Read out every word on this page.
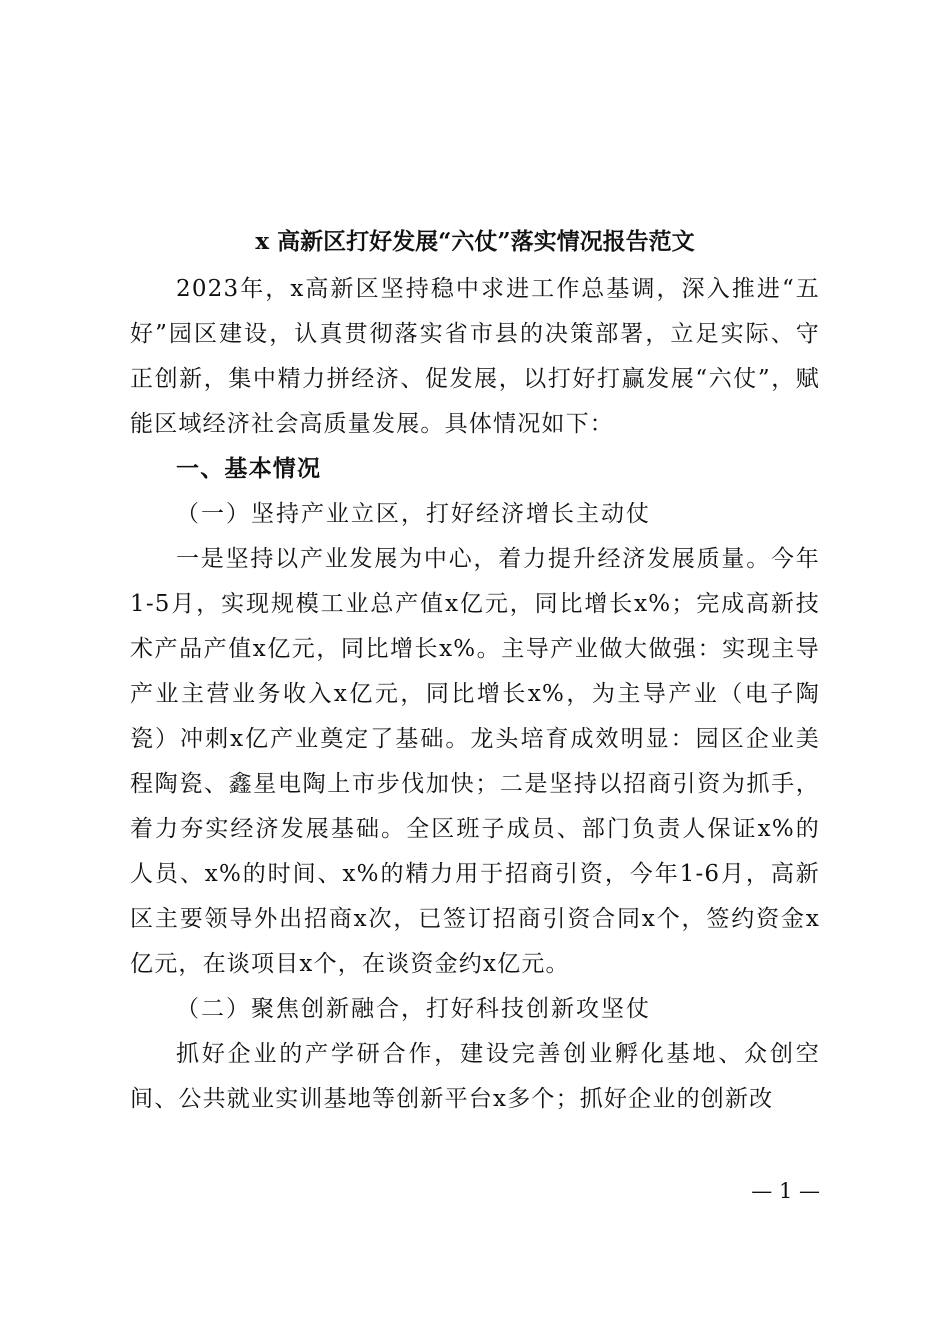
x 高新区打好发展“六仗”落实情况报告范文

2023年，x高新区坚持稳中求进工作总基调，深入推进“五好”园区建设，认真贯彻落实省市县的决策部署，立足实际、守正创新，集中精力拼经济、促发展，以打好打赢发展“六仗”，赋能区域经济社会高质量发展。具体情况如下：

一、基本情况

（一）坚持产业立区，打好经济增长主动仗

一是坚持以产业发展为中心，着力提升经济发展质量。今年1-5月，实现规模工业总产值x亿元，同比增长x%；完成高新技术产品产值x亿元，同比增长x%。主导产业做大做强：实现主导产业主营业务收入x亿元，同比增长x%，为主导产业（电子陶瓷）冲刺x亿产业奠定了基础。龙头培育成效明显：园区企业美程陶瓷、鑫星电陶上市步伐加快；二是坚持以招商引资为抓手，着力夯实经济发展基础。全区班子成员、部门负责人保证x%的人员、x%的时间、x%的精力用于招商引资，今年1-6月，高新区主要领导外出招商x次，已签订招商引资合同x个，签约资金x亿元，在谈项目x个，在谈资金约x亿元。

（二）聚焦创新融合，打好科技创新攻坚仗

抓好企业的产学研合作，建设完善创业孵化基地、众创空间、公共就业实训基地等创新平台x多个；抓好企业的创新改

— 1 —
